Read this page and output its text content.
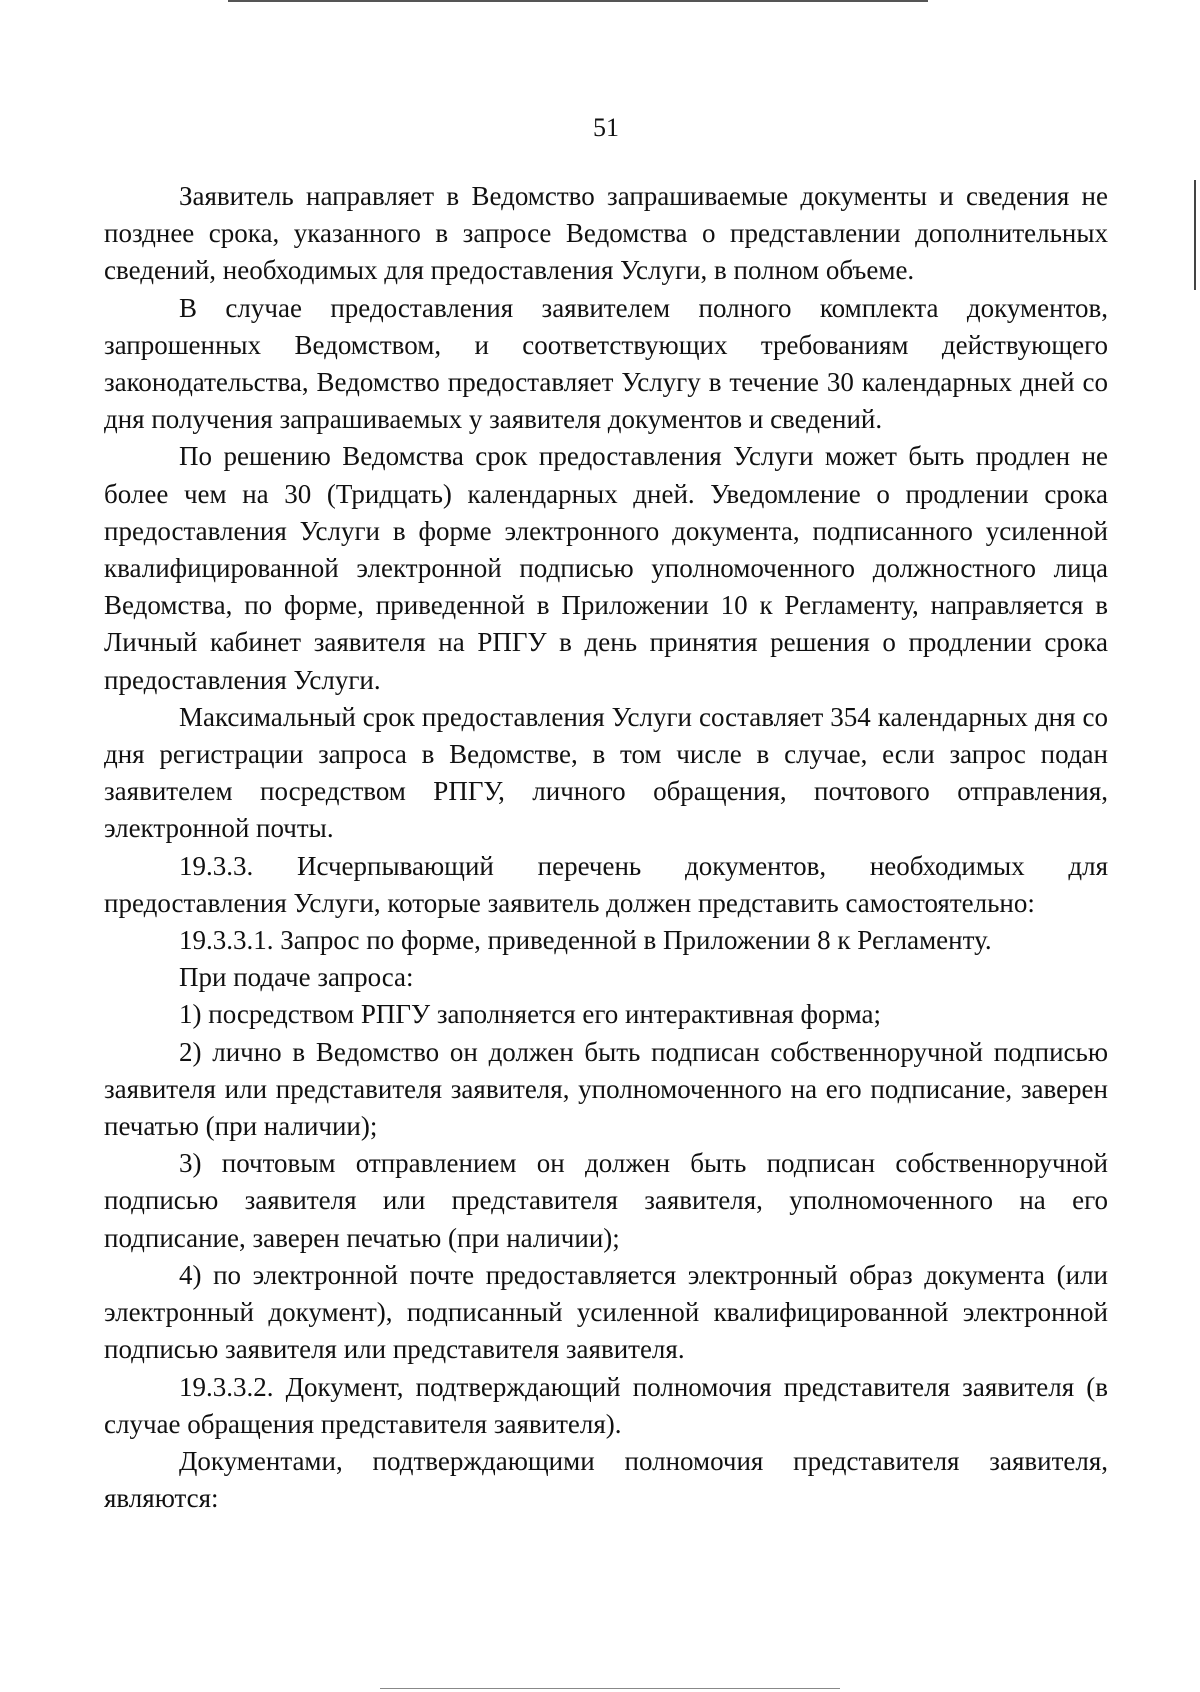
51

Заявитель направляет в Ведомство запрашиваемые документы и сведения не позднее срока, указанного в запросе Ведомства о представлении дополнительных сведений, необходимых для предоставления Услуги, в полном объеме.

В случае предоставления заявителем полного комплекта документов, запрошенных Ведомством, и соответствующих требованиям действующего законодательства, Ведомство предоставляет Услугу в течение 30 календарных дней со дня получения запрашиваемых у заявителя документов и сведений.

По решению Ведомства срок предоставления Услуги может быть продлен не более чем на 30 (Тридцать) календарных дней. Уведомление о продлении срока предоставления Услуги в форме электронного документа, подписанного усиленной квалифицированной электронной подписью уполномоченного должностного лица Ведомства, по форме, приведенной в Приложении 10 к Регламенту, направляется в Личный кабинет заявителя на РПГУ в день принятия решения о продлении срока предоставления Услуги.

Максимальный срок предоставления Услуги составляет 354 календарных дня со дня регистрации запроса в Ведомстве, в том числе в случае, если запрос подан заявителем посредством РПГУ, личного обращения, почтового отправления, электронной почты.

19.3.3. Исчерпывающий перечень документов, необходимых для предоставления Услуги, которые заявитель должен представить самостоятельно:

19.3.3.1. Запрос по форме, приведенной в Приложении 8 к Регламенту.

При подаче запроса:

1) посредством РПГУ заполняется его интерактивная форма;

2) лично в Ведомство он должен быть подписан собственноручной подписью заявителя или представителя заявителя, уполномоченного на его подписание, заверен печатью (при наличии);

3) почтовым отправлением он должен быть подписан собственноручной подписью заявителя или представителя заявителя, уполномоченного на его подписание, заверен печатью (при наличии);

4) по электронной почте предоставляется электронный образ документа (или электронный документ), подписанный усиленной квалифицированной электронной подписью заявителя или представителя заявителя.

19.3.3.2. Документ, подтверждающий полномочия представителя заявителя (в случае обращения представителя заявителя).

Документами, подтверждающими полномочия представителя заявителя, являются:
